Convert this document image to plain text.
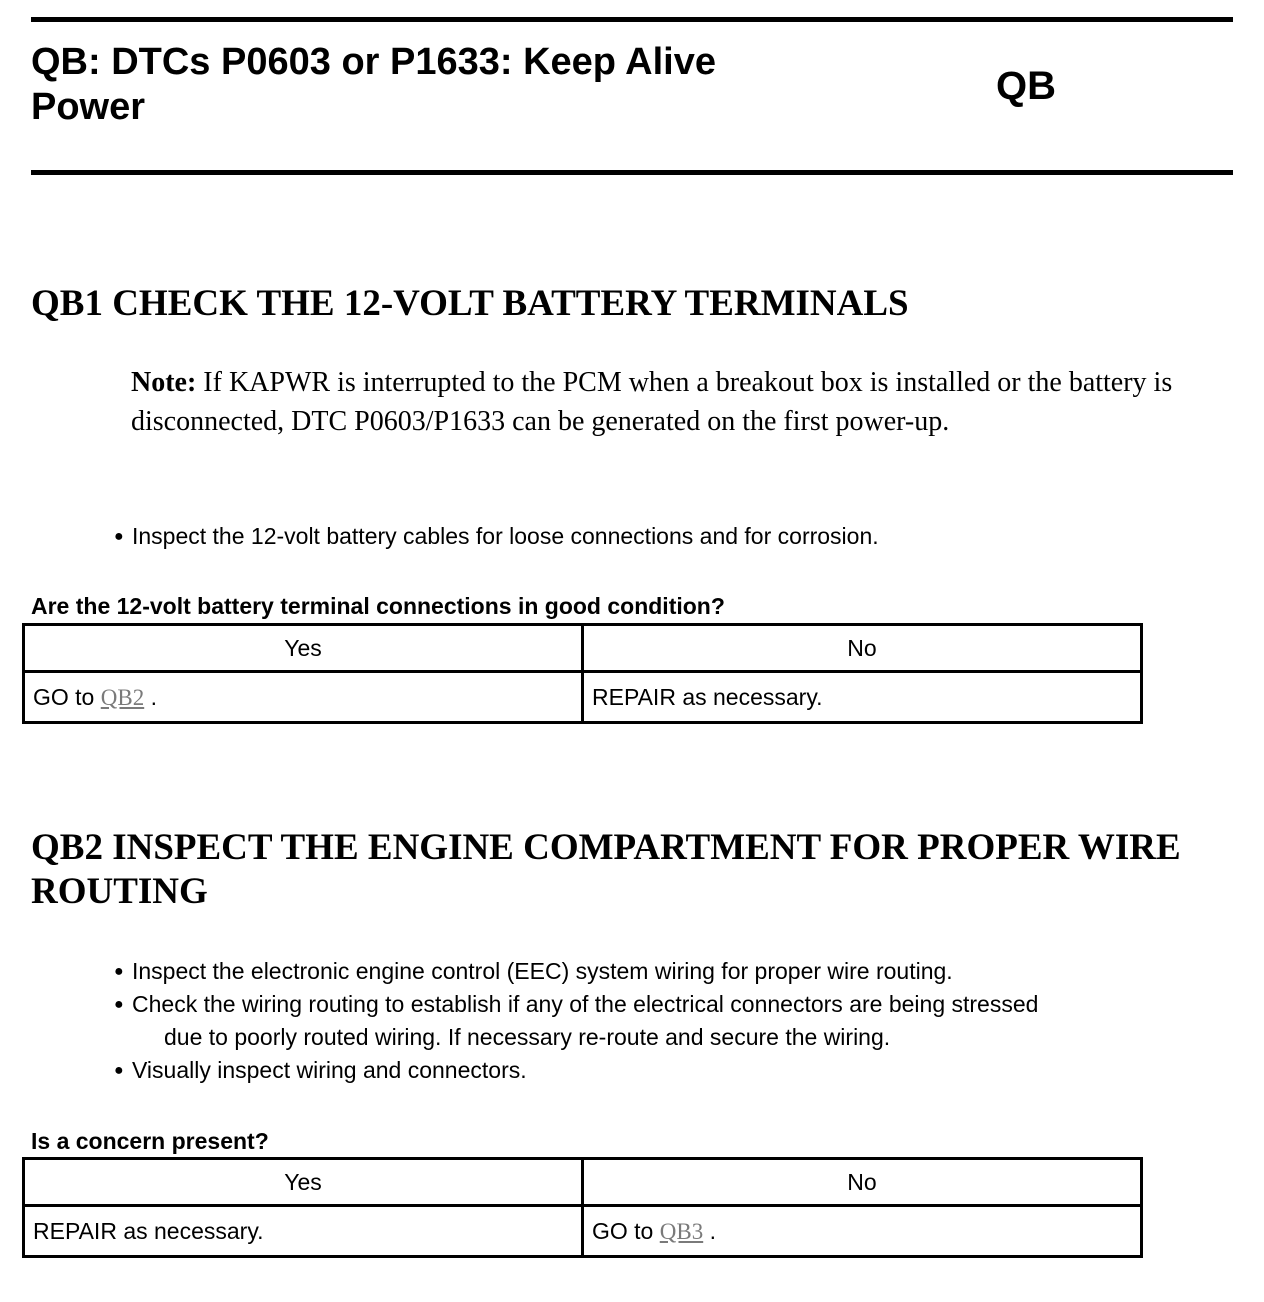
QB: DTCs P0603 or P1633: Keep Alive Power	QB
QB1 CHECK THE 12-VOLT BATTERY TERMINALS

Note: If KAPWR is interrupted to the PCM when a breakout box is installed or the battery is disconnected, DTC P0603/P1633 can be generated on the first power-up.

● Inspect the 12-volt battery cables for loose connections and for corrosion.
Are the 12-volt battery terminal connections in good condition?
Yes	No
GO to QB2 .	REPAIR as necessary.
QB2 INSPECT THE ENGINE COMPARTMENT FOR PROPER WIRE ROUTING
● Inspect the electronic engine control (EEC) system wiring for proper wire routing.
● Check the wiring routing to establish if any of the electrical connectors are being stressed
due to poorly routed wiring. If necessary re-route and secure the wiring.
● Visually inspect wiring and connectors.
Is a concern present?
Yes	No
REPAIR as necessary.	GO to QB3 .
